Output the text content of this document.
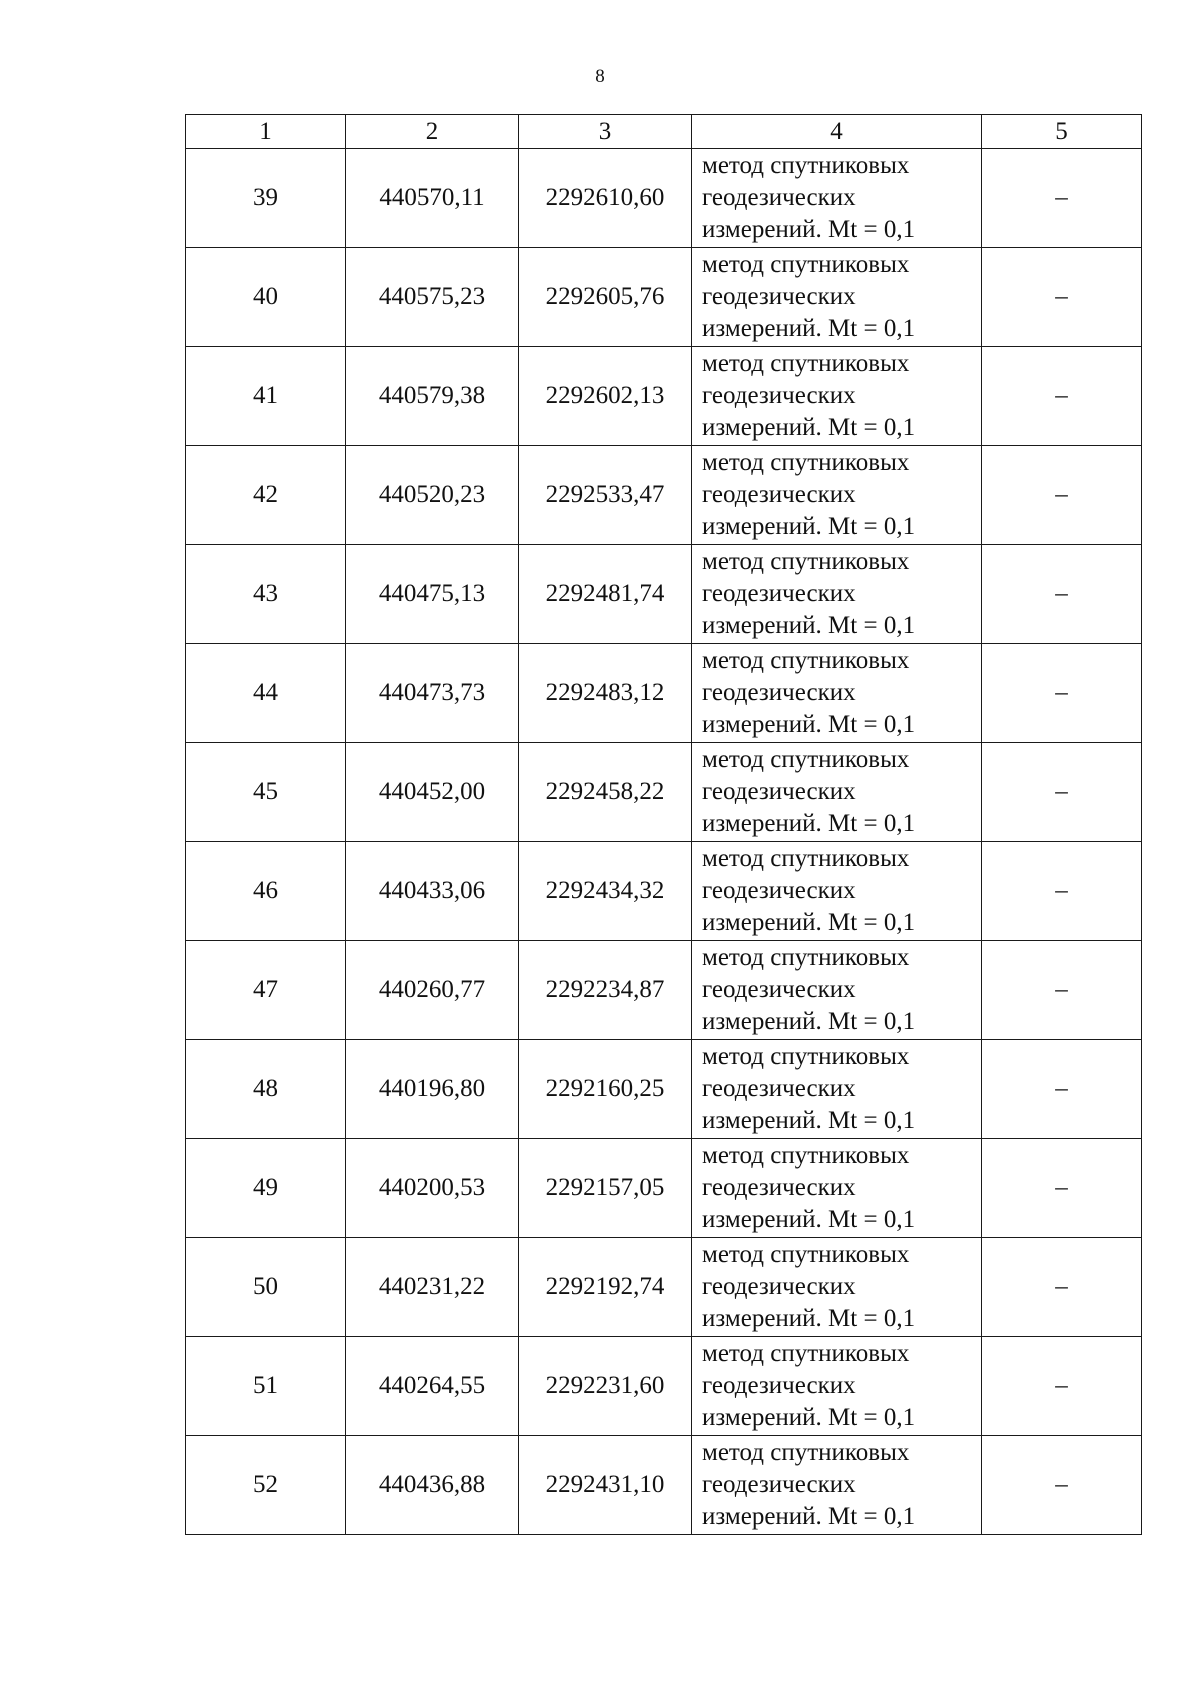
8
1	2	3	4	5
39	440570,11	2292610,60	метод спутниковых
геодезических
измерений. Mt = 0,1	–
40	440575,23	2292605,76	метод спутниковых
геодезических
измерений. Mt = 0,1	–
41	440579,38	2292602,13	метод спутниковых
геодезических
измерений. Mt = 0,1	–
42	440520,23	2292533,47	метод спутниковых
геодезических
измерений. Mt = 0,1	–
43	440475,13	2292481,74	метод спутниковых
геодезических
измерений. Mt = 0,1	–
44	440473,73	2292483,12	метод спутниковых
геодезических
измерений. Mt = 0,1	–
45	440452,00	2292458,22	метод спутниковых
геодезических
измерений. Mt = 0,1	–
46	440433,06	2292434,32	метод спутниковых
геодезических
измерений. Mt = 0,1	–
47	440260,77	2292234,87	метод спутниковых
геодезических
измерений. Mt = 0,1	–
48	440196,80	2292160,25	метод спутниковых
геодезических
измерений. Mt = 0,1	–
49	440200,53	2292157,05	метод спутниковых
геодезических
измерений. Mt = 0,1	–
50	440231,22	2292192,74	метод спутниковых
геодезических
измерений. Mt = 0,1	–
51	440264,55	2292231,60	метод спутниковых
геодезических
измерений. Mt = 0,1	–
52	440436,88	2292431,10	метод спутниковых
геодезических
измерений. Mt = 0,1	–
